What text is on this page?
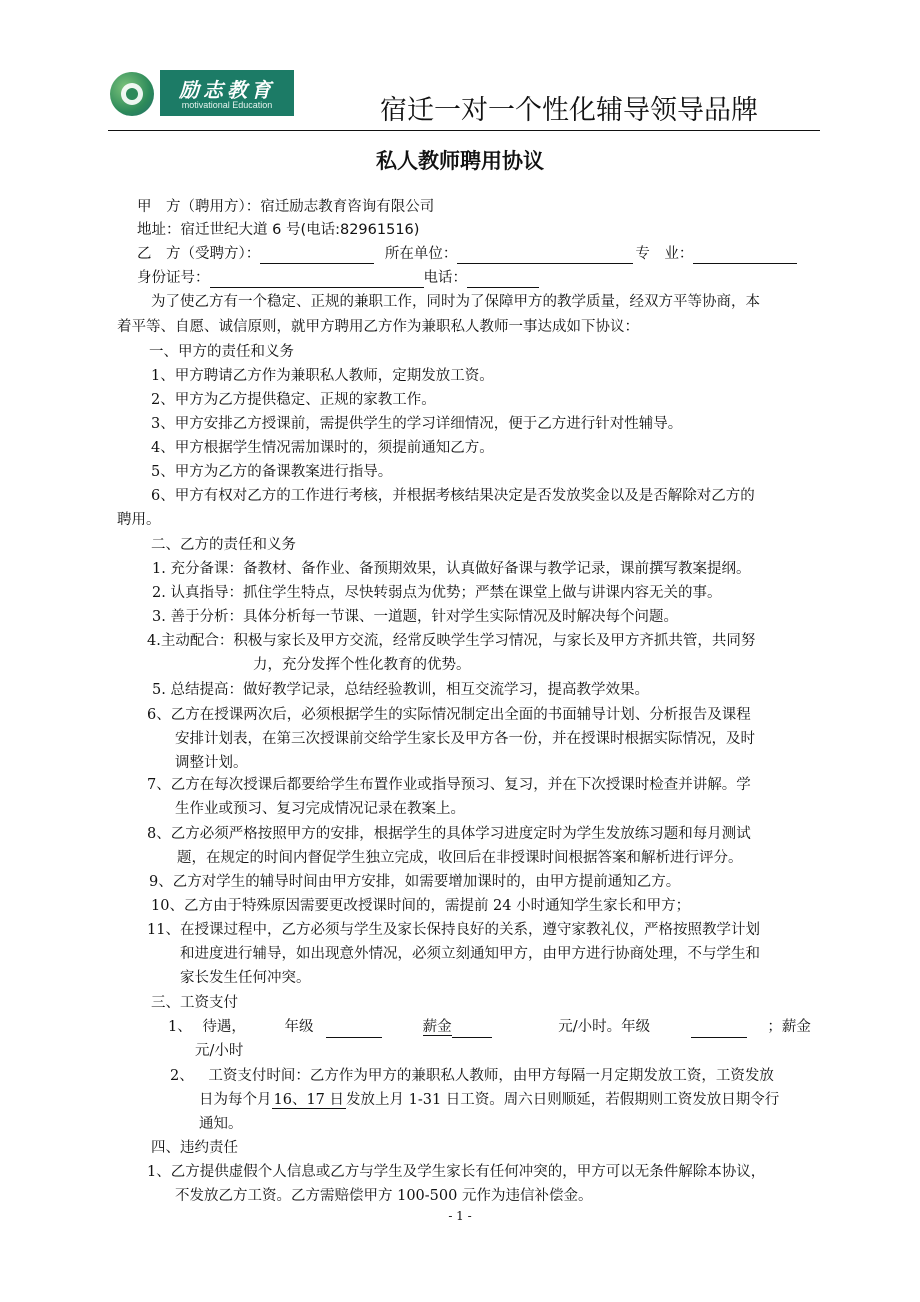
励志教育
motivational Education	宿迁一对一个性化辅导领导品牌
私人教师聘用协议
甲　方（聘用方）：宿迁励志教育咨询有限公司
地址：宿迁世纪大道 6 号(电话:82961516)
乙　方（受聘方）：	所在单位：	专　业：
身份证号：	电话：
为了使乙方有一个稳定、正规的兼职工作，同时为了保障甲方的教学质量，经双方平等协商，本
着平等、自愿、诚信原则，就甲方聘用乙方作为兼职私人教师一事达成如下协议：
一、甲方的责任和义务
1、甲方聘请乙方作为兼职私人教师，定期发放工资。
2、甲方为乙方提供稳定、正规的家教工作。
3、甲方安排乙方授课前，需提供学生的学习详细情况，便于乙方进行针对性辅导。
4、甲方根据学生情况需加课时的，须提前通知乙方。
5、甲方为乙方的备课教案进行指导。
6、甲方有权对乙方的工作进行考核，并根据考核结果决定是否发放奖金以及是否解除对乙方的
聘用。
二、乙方的责任和义务
1. 充分备课：备教材、备作业、备预期效果，认真做好备课与教学记录，课前撰写教案提纲。
2. 认真指导：抓住学生特点，尽快转弱点为优势；严禁在课堂上做与讲课内容无关的事。
3. 善于分析：具体分析每一节课、一道题，针对学生实际情况及时解决每个问题。
4.主动配合：积极与家长及甲方交流，经常反映学生学习情况，与家长及甲方齐抓共管，共同努
力，充分发挥个性化教育的优势。
5. 总结提高：做好教学记录，总结经验教训，相互交流学习，提高教学效果。
6、乙方在授课两次后，必须根据学生的实际情况制定出全面的书面辅导计划、分析报告及课程
安排计划表，在第三次授课前交给学生家长及甲方各一份，并在授课时根据实际情况，及时
调整计划。
7、乙方在每次授课后都要给学生布置作业或指导预习、复习，并在下次授课时检查并讲解。学
生作业或预习、复习完成情况记录在教案上。
8、乙方必须严格按照甲方的安排，根据学生的具体学习进度定时为学生发放练习题和每月测试
题，在规定的时间内督促学生独立完成，收回后在非授课时间根据答案和解析进行评分。
9、乙方对学生的辅导时间由甲方安排，如需要增加课时的，由甲方提前通知乙方。
10、乙方由于特殊原因需要更改授课时间的，需提前 24 小时通知学生家长和甲方；
11、在授课过程中，乙方必须与学生及家长保持良好的关系，遵守家教礼仪，严格按照教学计划
和进度进行辅导，如出现意外情况，必须立刻通知甲方，由甲方进行协商处理，不与学生和
家长发生任何冲突。
三、工资支付
1、 待遇，	年级	薪金	元/小时。年级	；薪金
元/小时
2、 工资支付时间：乙方作为甲方的兼职私人教师，由甲方每隔一月定期发放工资，工资发放
日为每个月 16、17 日 发放上月 1-31 日工资。周六日则顺延，若假期则工资发放日期令行
通知。
四、违约责任
1、乙方提供虚假个人信息或乙方与学生及学生家长有任何冲突的，甲方可以无条件解除本协议，
不发放乙方工资。乙方需赔偿甲方 100-500 元作为违信补偿金。
- 1 -
